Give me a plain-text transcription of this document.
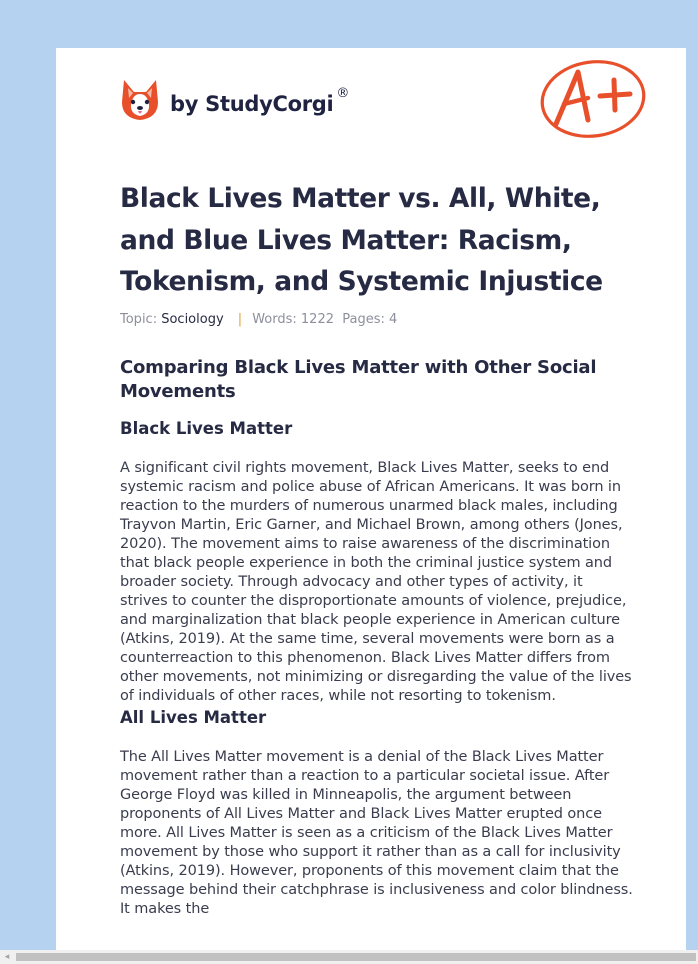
by StudyCorgi ®
Black Lives Matter vs. All, White, and Blue Lives Matter: Racism, Tokenism, and Systemic Injustice
Topic: Sociology | Words: 1222 Pages: 4
Comparing Black Lives Matter with Other Social Movements
Black Lives Matter

A significant civil rights movement, Black Lives Matter, seeks to end systemic racism and police abuse of African Americans. It was born in reaction to the murders of numerous unarmed black males, including Trayvon Martin, Eric Garner, and Michael Brown, among others (Jones, 2020). The movement aims to raise awareness of the discrimination that black people experience in both the criminal justice system and broader society. Through advocacy and other types of activity, it strives to counter the disproportionate amounts of violence, prejudice, and marginalization that black people experience in American culture (Atkins, 2019). At the same time, several movements were born as a counterreaction to this phenomenon. Black Lives Matter differs from other movements, not minimizing or disregarding the value of the lives of individuals of other races, while not resorting to tokenism.

All Lives Matter

The All Lives Matter movement is a denial of the Black Lives Matter movement rather than a reaction to a particular societal issue. After George Floyd was killed in Minneapolis, the argument between proponents of All Lives Matter and Black Lives Matter erupted once more. All Lives Matter is seen as a criticism of the Black Lives Matter movement by those who support it rather than as a call for inclusivity (Atkins, 2019). However, proponents of this movement claim that the message behind their catchphrase is inclusiveness and color blindness. It makes the

◂
